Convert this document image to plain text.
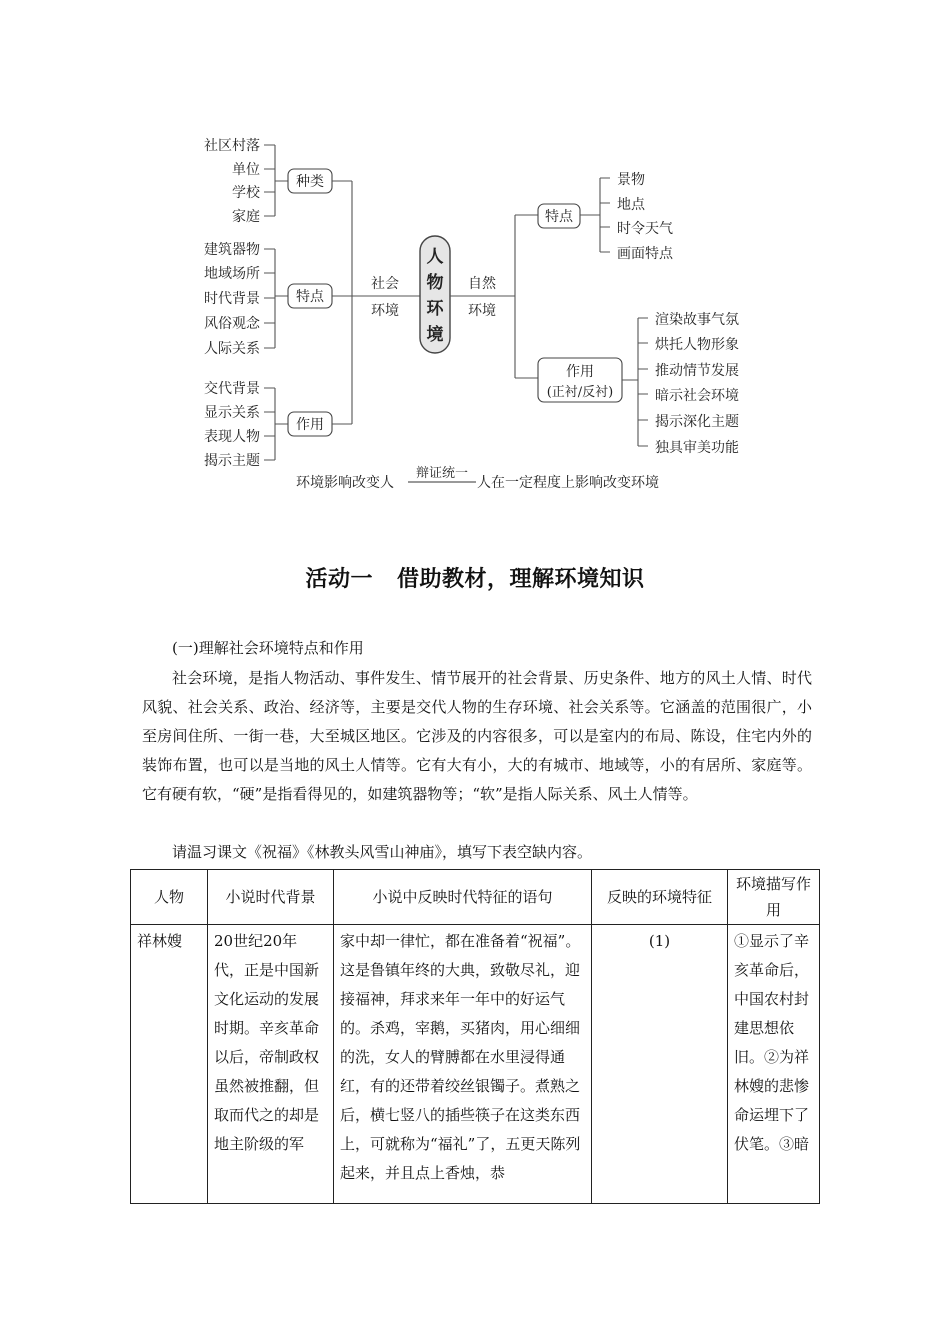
社区村落
单位
学校
家庭
建筑器物
地域场所
时代背景
风俗观念
人际关系
交代背景
显示关系
表现人物
揭示主题
种类
特点
作用
社会
环境
人
物
环
境
自然
环境
特点
作用
(正衬/反衬)
景物
地点
时令天气
画面特点
渲染故事气氛
烘托人物形象
推动情节发展
暗示社会环境
揭示深化主题
独具审美功能
环境影响改变人
辩证统一
人在一定程度上影响改变环境
活动一 借助教材，理解环境知识
(一)理解社会环境特点和作用
社会环境，是指人物活动、事件发生、情节展开的社会背景、历史条件、地方的风土人情、时代风貌、社会关系、政治、经济等，主要是交代人物的生存环境、社会关系等。它涵盖的范围很广，小至房间住所、一街一巷，大至城区地区。它涉及的内容很多，可以是室内的布局、陈设，住宅内外的装饰布置，也可以是当地的风土人情等。它有大有小，大的有城市、地域等，小的有居所、家庭等。它有硬有软，“硬”是指看得见的，如建筑器物等；“软”是指人际关系、风土人情等。
请温习课文《祝福》《林教头风雪山神庙》，填写下表空缺内容。
人物	小说时代背景	小说中反映时代特征的语句	反映的环境特征	环境描写作用

祥林嫂	20世纪20年代，正是中国新文化运动的发展时期。辛亥革命以后，帝制政权虽然被推翻，但取而代之的却是地主阶级的军	家中却一律忙，都在准备着“祝福”。这是鲁镇年终的大典，致敬尽礼，迎接福神，拜求来年一年中的好运气的。杀鸡，宰鹅，买猪肉，用心细细的洗，女人的臂膊都在水里浸得通红，有的还带着绞丝银镯子。煮熟之后，横七竖八的插些筷子在这类东西上，可就称为“福礼”了，五更天陈列起来，并且点上香烛，恭	(1)	①显示了辛亥革命后，中国农村封建思想依旧。②为祥林嫂的悲惨命运埋下了伏笔。③暗
